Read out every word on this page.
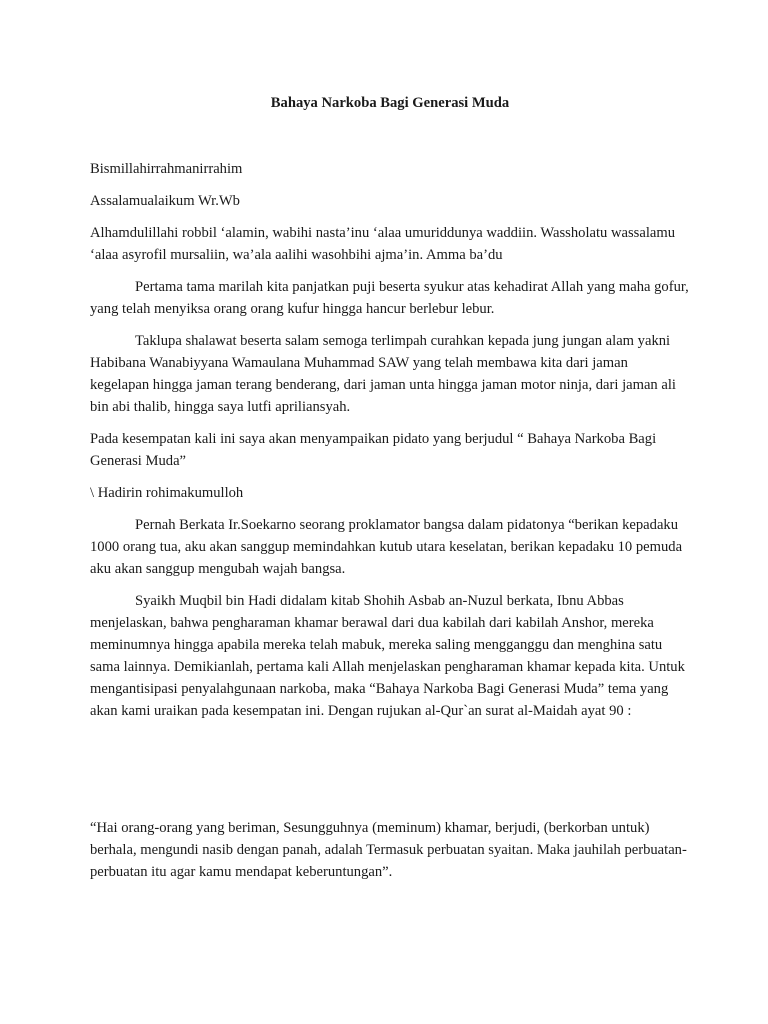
Bahaya Narkoba Bagi Generasi Muda

Bismillahirrahmanirrahim

Assalamualaikum Wr.Wb

Alhamdulillahi robbil ‘alamin, wabihi nasta’inu ‘alaa umuriddunya waddiin. Wassholatu wassalamu ‘alaa asyrofil mursaliin, wa’ala aalihi wasohbihi ajma’in. Amma ba’du

Pertama tama marilah kita panjatkan puji beserta syukur atas kehadirat Allah yang maha gofur, yang telah menyiksa orang orang kufur hingga hancur berlebur lebur.

Taklupa shalawat beserta salam semoga terlimpah curahkan kepada jung jungan alam yakni Habibana Wanabiyyana Wamaulana Muhammad SAW yang telah membawa kita dari jaman kegelapan hingga jaman terang benderang, dari jaman unta hingga jaman motor ninja, dari jaman ali bin abi thalib, hingga saya lutfi apriliansyah.

Pada kesempatan kali ini saya akan menyampaikan pidato yang berjudul “ Bahaya Narkoba Bagi Generasi Muda”

\ Hadirin rohimakumulloh

Pernah Berkata Ir.Soekarno seorang proklamator bangsa dalam pidatonya “berikan kepadaku 1000 orang tua, aku akan sanggup memindahkan kutub utara keselatan, berikan kepadaku 10 pemuda aku akan sanggup mengubah wajah bangsa.

Syaikh Muqbil bin Hadi didalam kitab Shohih Asbab an-Nuzul berkata, Ibnu Abbas menjelaskan, bahwa pengharaman khamar berawal dari dua kabilah dari kabilah Anshor, mereka meminumnya hingga apabila mereka telah mabuk, mereka saling mengganggu dan menghina satu sama lainnya. Demikianlah, pertama kali Allah menjelaskan pengharaman khamar kepada kita. Untuk mengantisipasi penyalahgunaan narkoba, maka “Bahaya Narkoba Bagi Generasi Muda” tema yang akan kami uraikan pada kesempatan ini. Dengan rujukan al-Qur`an surat al-Maidah ayat 90 :

“Hai orang-orang yang beriman, Sesungguhnya (meminum) khamar, berjudi, (berkorban untuk) berhala, mengundi nasib dengan panah, adalah Termasuk perbuatan syaitan. Maka jauhilah perbuatan-perbuatan itu agar kamu mendapat keberuntungan”.
